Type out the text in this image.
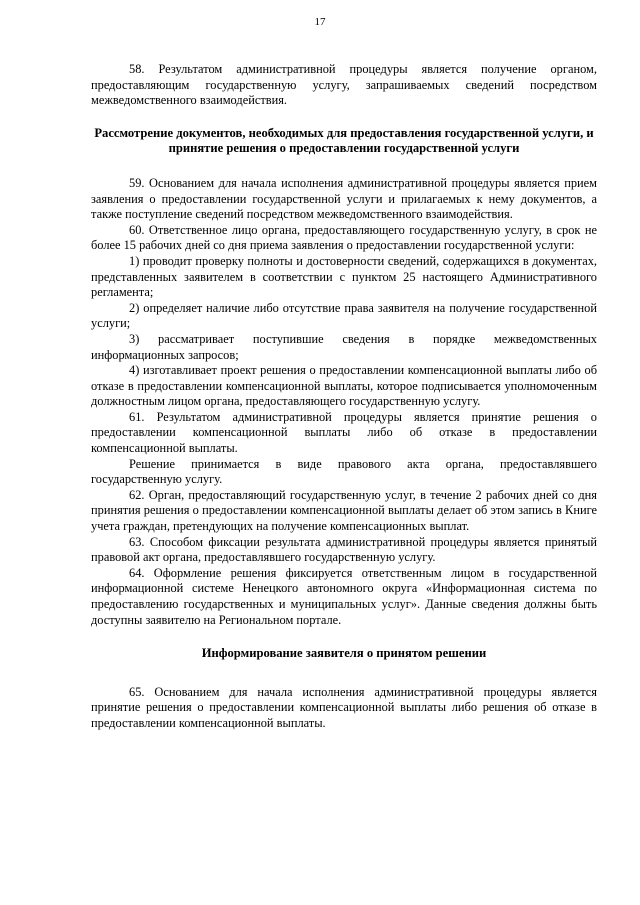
17

58. Результатом административной процедуры является получение органом, предоставляющим государственную услугу, запрашиваемых сведений посредством межведомственного взаимодействия.

Рассмотрение документов, необходимых для предоставления государственной услуги, и принятие решения о предоставлении государственной услуги

59. Основанием для начала исполнения административной процедуры является прием заявления о предоставлении государственной услуги и прилагаемых к нему документов, а также поступление сведений посредством межведомственного взаимодействия.

60. Ответственное лицо органа, предоставляющего государственную услугу, в срок не более 15 рабочих дней со дня приема заявления о предоставлении государственной услуги:

1) проводит проверку полноты и достоверности сведений, содержащихся в документах, представленных заявителем в соответствии с пунктом 25 настоящего Административного регламента;

2) определяет наличие либо отсутствие права заявителя на получение государственной услуги;

3) рассматривает поступившие сведения в порядке межведомственных информационных запросов;

4) изготавливает проект решения о предоставлении компенсационной выплаты либо об отказе в предоставлении компенсационной выплаты, которое подписывается уполномоченным должностным лицом органа, предоставляющего государственную услугу.

61. Результатом административной процедуры является принятие решения о предоставлении компенсационной выплаты либо об отказе в предоставлении компенсационной выплаты.

Решение принимается в виде правового акта органа, предоставлявшего государственную услугу.

62. Орган, предоставляющий государственную услуг, в течение 2 рабочих дней со дня принятия решения о предоставлении компенсационной выплаты делает об этом запись в Книге учета граждан, претендующих на получение компенсационных выплат.

63. Способом фиксации результата административной процедуры является принятый правовой акт органа, предоставлявшего государственную услугу.

64. Оформление решения фиксируется ответственным лицом в государственной информационной системе Ненецкого автономного округа «Информационная система по предоставлению государственных и муниципальных услуг». Данные сведения должны быть доступны заявителю на Региональном портале.

Информирование заявителя о принятом решении

65. Основанием для начала исполнения административной процедуры является принятие решения о предоставлении компенсационной выплаты либо решения об отказе в предоставлении компенсационной выплаты.
